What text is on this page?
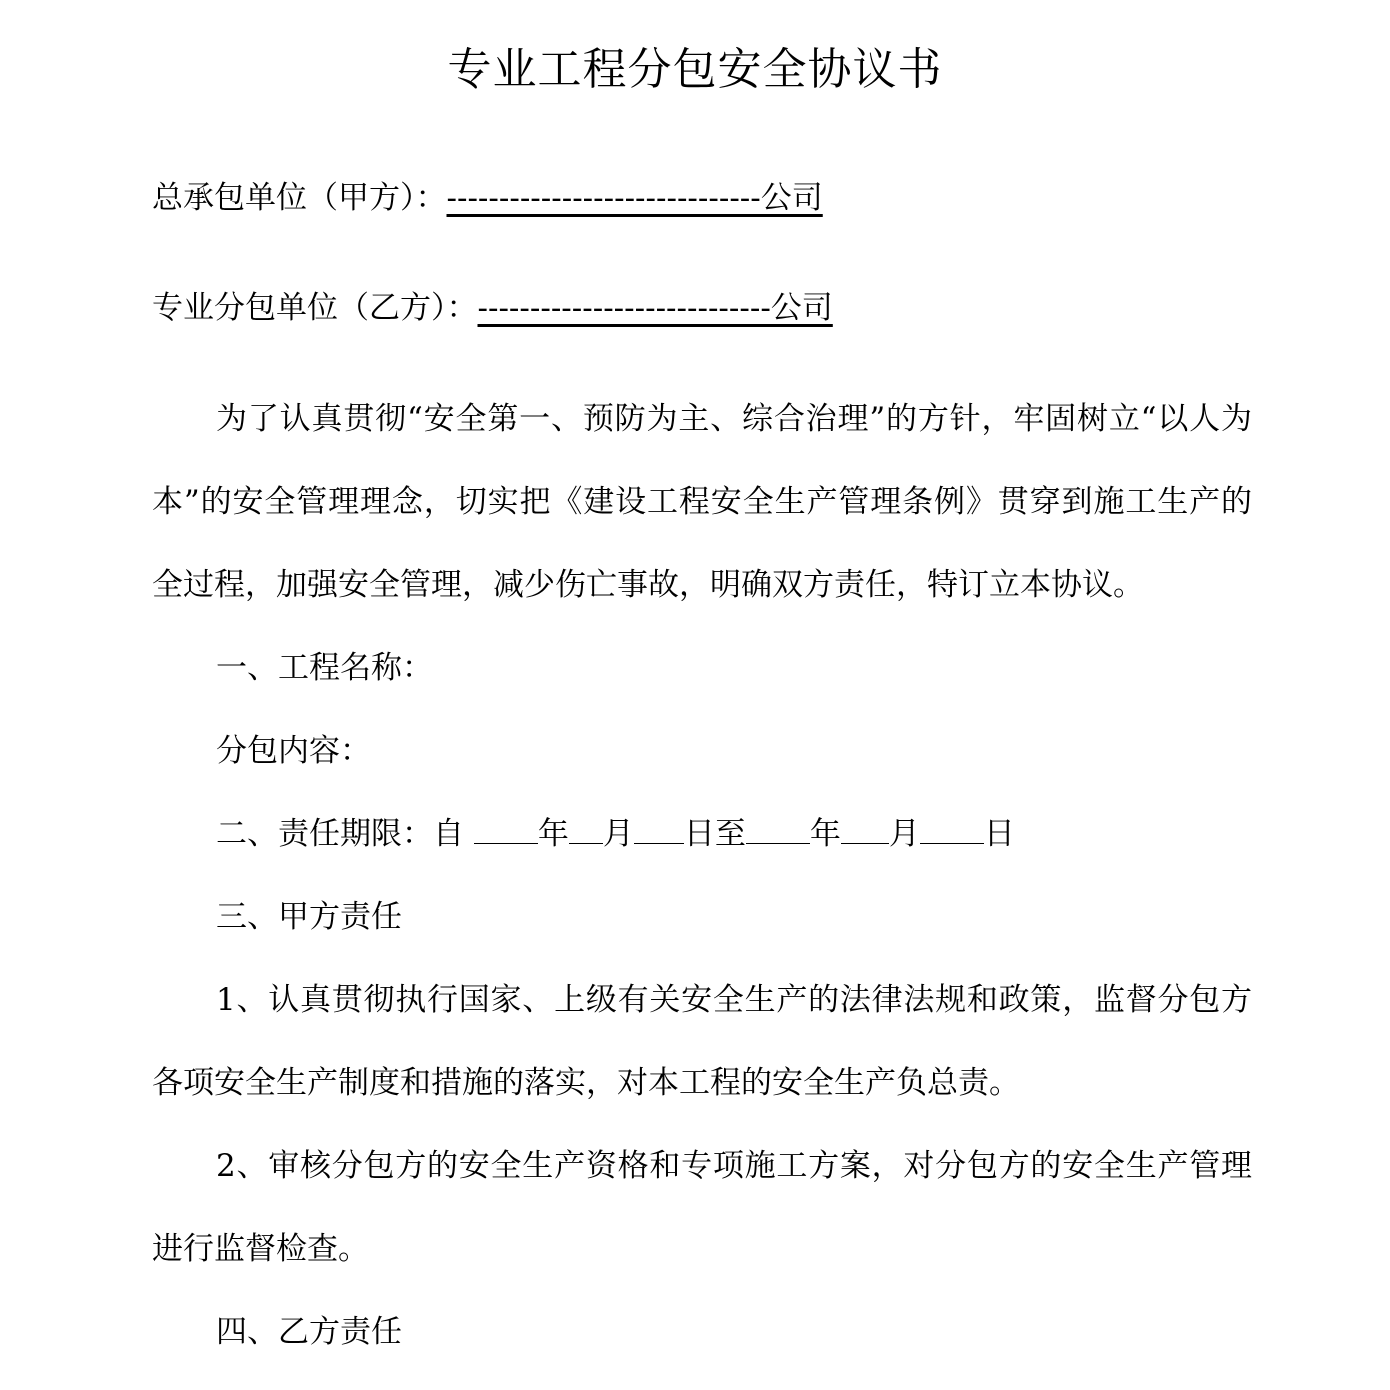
专业工程分包安全协议书
总承包单位（甲方）：------------------------------公司
专业分包单位（乙方）：----------------------------公司

为了认真贯彻“安全第一、预防为主、综合治理”的方针，牢固树立“以人为本”的安全管理理念，切实把《建设工程安全生产管理条例》贯穿到施工生产的全过程，加强安全管理，减少伤亡事故，明确双方责任，特订立本协议。

一、工程名称：

分包内容：

二、责任期限：自 年 月 日至 年 月 日

三、甲方责任

1、认真贯彻执行国家、上级有关安全生产的法律法规和政策，监督分包方各项安全生产制度和措施的落实，对本工程的安全生产负总责。

2、审核分包方的安全生产资格和专项施工方案，对分包方的安全生产管理进行监督检查。

四、乙方责任
